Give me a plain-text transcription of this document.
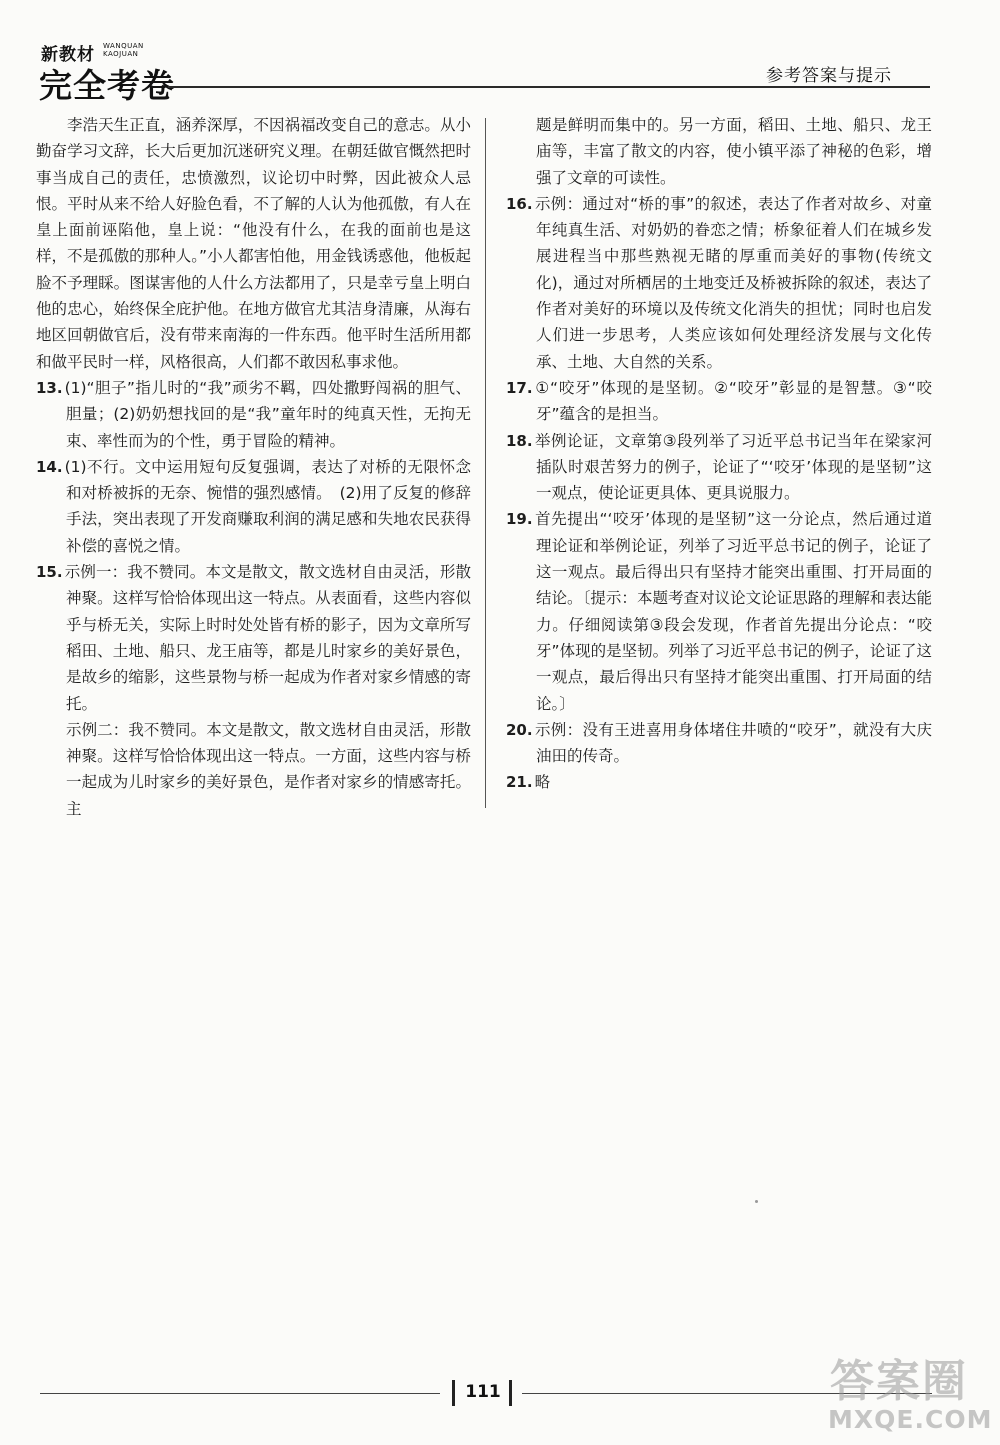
新教材 WANQUAN
KAOJUAN
完全考卷	参考答案与提示

李浩天生正直，涵养深厚，不因祸福改变自己的意志。从小勤奋学习文辞，长大后更加沉迷研究义理。在朝廷做官慨然把时事当成自己的责任，忠愤激烈，议论切中时弊，因此被众人忌恨。平时从来不给人好脸色看，不了解的人认为他孤傲，有人在皇上面前诬陷他，皇上说：“他没有什么，在我的面前也是这样，不是孤傲的那种人。”小人都害怕他，用金钱诱惑他，他板起脸不予理睬。图谋害他的人什么方法都用了，只是幸亏皇上明白他的忠心，始终保全庇护他。在地方做官尤其洁身清廉，从海右地区回朝做官后，没有带来南海的一件东西。他平时生活所用都和做平民时一样，风格很高，人们都不敢因私事求他。

13. (1)“胆子”指儿时的“我”顽劣不羁，四处撒野闯祸的胆气、胆量；(2)奶奶想找回的是“我”童年时的纯真天性，无拘无束、率性而为的个性，勇于冒险的精神。

14. (1)不行。文中运用短句反复强调，表达了对桥的无限怀念和对桥被拆的无奈、惋惜的强烈感情。　(2)用了反复的修辞手法，突出表现了开发商赚取利润的满足感和失地农民获得补偿的喜悦之情。

15. 示例一：我不赞同。本文是散文，散文选材自由灵活，形散神聚。这样写恰恰体现出这一特点。从表面看，这些内容似乎与桥无关，实际上时时处处皆有桥的影子，因为文章所写稻田、土地、船只、龙王庙等，都是儿时家乡的美好景色，是故乡的缩影，这些景物与桥一起成为作者对家乡情感的寄托。

示例二：我不赞同。本文是散文，散文选材自由灵活，形散神聚。这样写恰恰体现出这一特点。一方面，这些内容与桥一起成为儿时家乡的美好景色，是作者对家乡的情感寄托。主

题是鲜明而集中的。另一方面，稻田、土地、船只、龙王庙等，丰富了散文的内容，使小镇平添了神秘的色彩，增强了文章的可读性。

16. 示例：通过对“桥的事”的叙述，表达了作者对故乡、对童年纯真生活、对奶奶的眷恋之情；桥象征着人们在城乡发展进程当中那些熟视无睹的厚重而美好的事物(传统文化)，通过对所栖居的土地变迁及桥被拆除的叙述，表达了作者对美好的环境以及传统文化消失的担忧；同时也启发人们进一步思考，人类应该如何处理经济发展与文化传承、土地、大自然的关系。

17. ①“咬牙”体现的是坚韧。②“咬牙”彰显的是智慧。③“咬牙”蕴含的是担当。

18. 举例论证，文章第③段列举了习近平总书记当年在梁家河插队时艰苦努力的例子，论证了“‘咬牙’体现的是坚韧”这一观点，使论证更具体、更具说服力。

19. 首先提出“‘咬牙’体现的是坚韧”这一分论点，然后通过道理论证和举例论证，列举了习近平总书记的例子，论证了这一观点。最后得出只有坚持才能突出重围、打开局面的结论。〔提示：本题考查对议论文论证思路的理解和表达能力。仔细阅读第③段会发现，作者首先提出分论点：“咬牙”体现的是坚韧。列举了习近平总书记的例子，论证了这一观点，最后得出只有坚持才能突出重围、打开局面的结论。〕

20. 示例：没有王进喜用身体堵住井喷的“咬牙”，就没有大庆油田的传奇。

21. 略

111	答案圈
MXQE.COM
